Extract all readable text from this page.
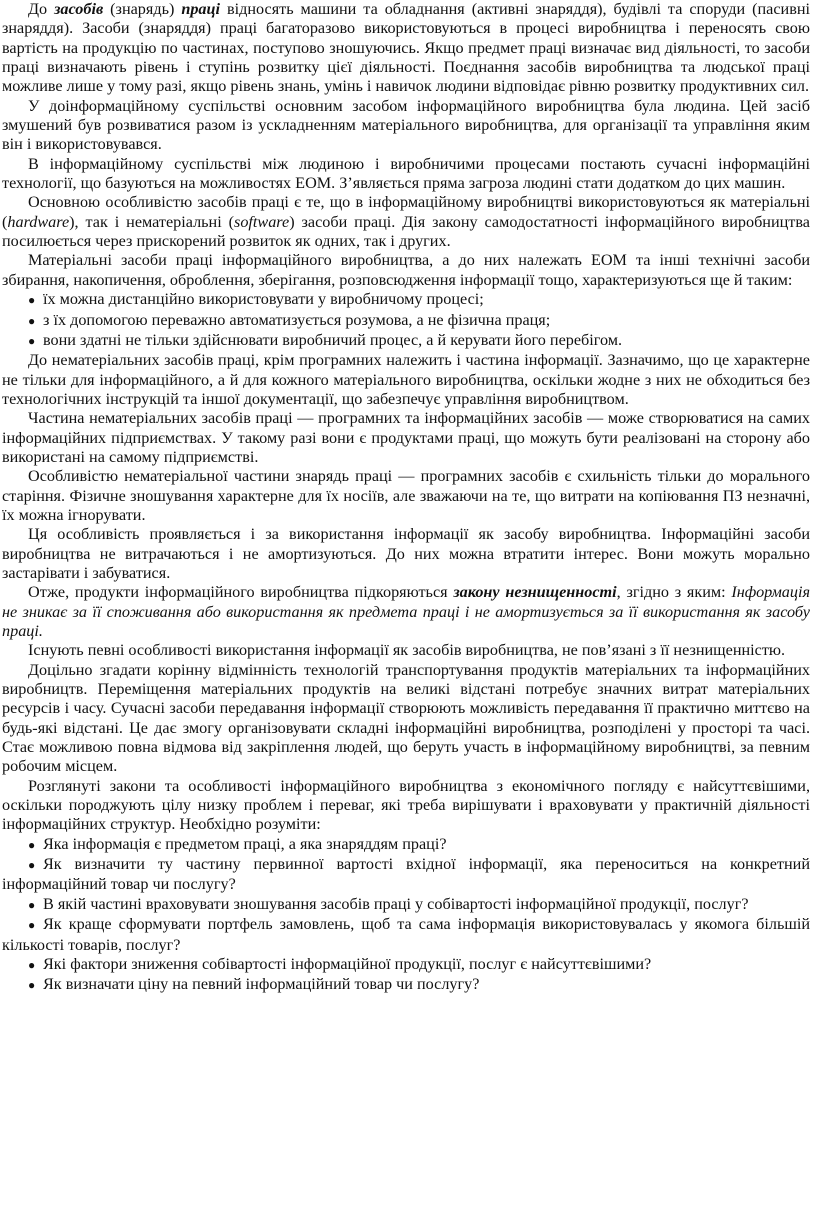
До засобів (знарядь) праці відносять машини та обладнання (активні знаряддя), будівлі та споруди (пасивні знаряддя). Засоби (знаряддя) праці багаторазово використовуються в процесі виробництва і переносять свою вартість на продукцію по частинах, поступово зношуючись. Якщо предмет праці визначає вид діяльності, то засоби праці визначають рівень і ступінь розвитку цієї діяльності. Поєднання засобів виробництва та людської праці можливе лише у тому разі, якщо рівень знань, умінь і навичок людини відповідає рівню розвитку продуктивних сил.

У доінформаційному суспільстві основним засобом інформаційного виробництва була людина. Цей засіб змушений був розвиватися разом із ускладненням матеріального виробництва, для організації та управління яким він і використовувався.

В інформаційному суспільстві між людиною і виробничими процесами постають сучасні інформаційні технології, що базуються на можливостях ЕОМ. З’являється пряма загроза людині стати додатком до цих машин.

Основною особливістю засобів праці є те, що в інформаційному виробництві використовуються як матеріальні (hardware), так і нематеріальні (software) засоби праці. Дія закону самодостатності інформаційного виробництва посилюється через прискорений розвиток як одних, так і других.

Матеріальні засоби праці інформаційного виробництва, а до них належать ЕОМ та інші технічні засоби збирання, накопичення, оброблення, зберігання, розповсюдження інформації тощо, характеризуються ще й таким:

● їх можна дистанційно використовувати у виробничому процесі;
● з їх допомогою переважно автоматизується розумова, а не фізична праця;
● вони здатні не тільки здійснювати виробничий процес, а й керувати його перебігом.

До нематеріальних засобів праці, крім програмних належить і частина інформації. Зазначимо, що це характерне не тільки для інформаційного, а й для кожного матеріального виробництва, оскільки жодне з них не обходиться без технологічних інструкцій та іншої документації, що забезпечує управління виробництвом.

Частина нематеріальних засобів праці — програмних та інформаційних засобів — може створюватися на самих інформаційних підприємствах. У такому разі вони є продуктами праці, що можуть бути реалізовані на сторону або використані на самому підприємстві.

Особливістю нематеріальної частини знарядь праці — програмних засобів є схильність тільки до морального старіння. Фізичне зношування характерне для їх носіїв, але зважаючи на те, що витрати на копіювання ПЗ незначні, їх можна ігнорувати.

Ця особливість проявляється і за використання інформації як засобу виробництва. Інформаційні засоби виробництва не витрачаються і не амортизуються. До них можна втратити інтерес. Вони можуть морально застарівати і забуватися.

Отже, продукти інформаційного виробництва підкоряються закону незнищенності, згідно з яким: Інформація не зникає за її споживання або використання як предмета праці і не амортизується за її використання як засобу праці.

Існують певні особливості використання інформації як засобів виробництва, не пов’язані з її незнищенністю.

Доцільно згадати корінну відмінність технологій транспортування продуктів матеріальних та інформаційних виробництв. Переміщення матеріальних продуктів на великі відстані потребує значних витрат матеріальних ресурсів і часу. Сучасні засоби передавання інформації створюють можливість передавання її практично миттєво на будь-які відстані. Це дає змогу організовувати складні інформаційні виробництва, розподілені у просторі та часі. Стає можливою повна відмова від закріплення людей, що беруть участь в інформаційному виробництві, за певним робочим місцем.

Розглянуті закони та особливості інформаційного виробництва з економічного погляду є найсуттєвішими, оскільки породжують цілу низку проблем і переваг, які треба вирішувати і враховувати у практичній діяльності інформаційних структур. Необхідно розуміти:

● Яка інформація є предметом праці, а яка знаряддям праці?
● Як визначити ту частину первинної вартості вхідної інформації, яка переноситься на конкретний інформаційний товар чи послугу?
● В якій частині враховувати зношування засобів праці у собівартості інформаційної продукції, послуг?
● Як краще сформувати портфель замовлень, щоб та сама інформація використовувалась у якомога більшій кількості товарів, послуг?
● Які фактори зниження собівартості інформаційної продукції, послуг є найсуттєвішими?
● Як визначати ціну на певний інформаційний товар чи послугу?
